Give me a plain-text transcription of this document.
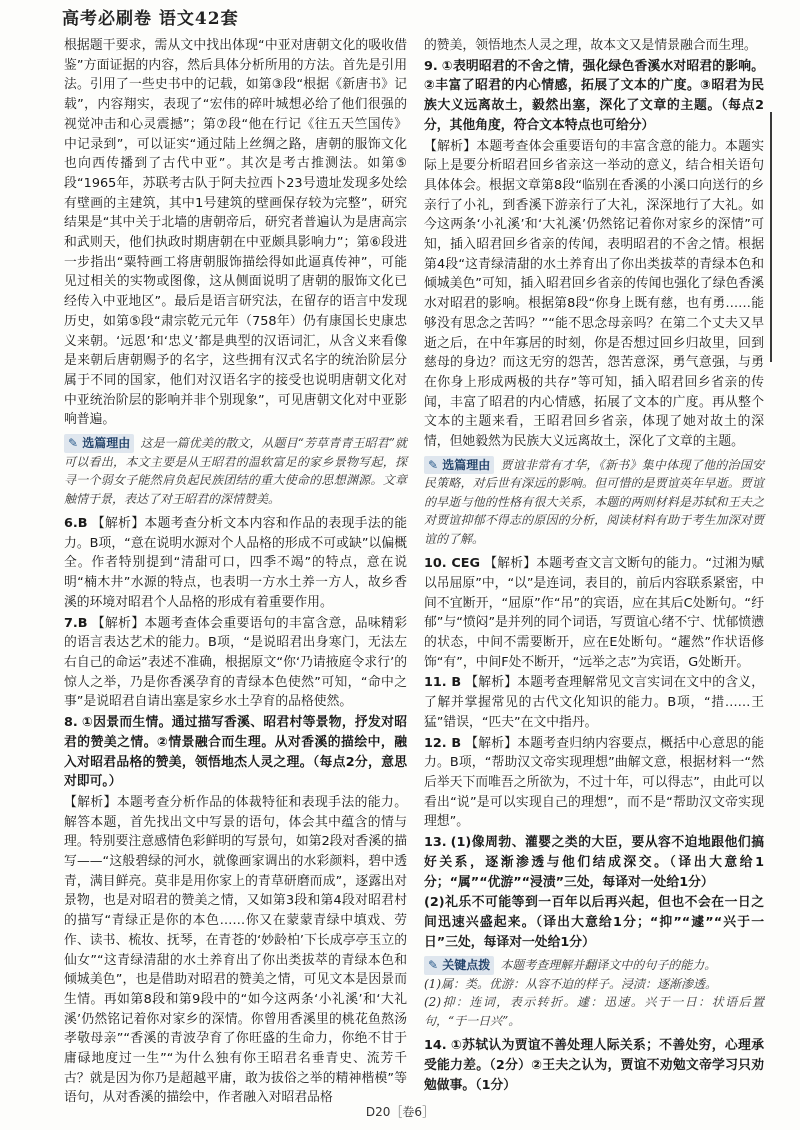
高考必刷卷 语文42套
根据题干要求，需从文中找出体现“中亚对唐朝文化的吸收借鉴”方面证据的内容，然后具体分析所用的方法。首先是引用法。引用了一些史书中的记载，如第③段“根据《新唐书》记载”，内容翔实，表现了“宏伟的碎叶城想必给了他们很强的视觉冲击和心灵震撼”；第⑦段“他在行记《往五天竺国传》中记录到”，可以证实“通过陆上丝绸之路，唐朝的服饰文化也向西传播到了古代中亚”。其次是考古推测法。如第⑤段“1965年，苏联考古队于阿夫拉西卜23号遗址发现多处绘有壁画的主建筑，其中1号建筑的壁画保存较为完整”，研究结果是“其中关于北墙的唐朝帝后，研究者普遍认为是唐高宗和武则天，他们执政时期唐朝在中亚颇具影响力”；第⑥段进一步指出“粟特画工将唐朝服饰描绘得如此逼真传神”，可能见过相关的实物或图像，这从侧面说明了唐朝的服饰文化已经传入中亚地区”。最后是语言研究法，在留存的语言中发现历史，如第⑤段“肃宗乾元元年（758年）仍有康国长史康忠义来朝。‘远恩’和‘忠义’都是典型的汉语词汇，从含义来看像是来朝后唐朝赐予的名字，这些拥有汉式名字的统治阶层分属于不同的国家，他们对汉语名字的接受也说明唐朝文化对中亚统治阶层的影响并非个别现象”，可见唐朝文化对中亚影响普遍。
✎ 选篇理由 这是一篇优美的散文，从题目“芳草青青王昭君”就可以看出，本文主要是从王昭君的温软富足的家乡景物写起，探寻一个弱女子能然肩负起民族团结的重大使命的思想渊源。文章触情于景，表达了对王昭君的深情赞美。
6.B 【解析】本题考查分析文本内容和作品的表现手法的能力。B项，“意在说明水源对个人品格的形成不可或缺”以偏概全。作者特别提到“清甜可口，四季不竭”的特点，意在说明“楠木井”水源的特点，也表明一方水土养一方人，故乡香溪的环境对昭君个人品格的形成有着重要作用。
7.B 【解析】本题考查体会重要语句的丰富含意，品味精彩的语言表达艺术的能力。B项，“是说昭君出身寒门，无法左右自己的命运”表述不准确，根据原文“你‘乃请掖庭令求行’的惊人之举，乃是你香溪孕育的青绿本色使然”可知，“命中之事”是说昭君自请出塞是家乡水土孕育的品格使然。
8. ①因景而生情。通过描写香溪、昭君村等景物，抒发对昭君的赞美之情。②情景融合而生理。从对香溪的描绘中，融入对昭君品格的赞美，领悟地杰人灵之理。（每点2分，意思对即可。）
【解析】本题考查分析作品的体裁特征和表现手法的能力。解答本题，首先找出文中写景的语句，体会其中蕴含的情与理。特别要注意感情色彩鲜明的写景句，如第2段对香溪的描写——“这般碧绿的河水，就像画家调出的水彩颜料，碧中透青，满目鲜亮。莫非是用你家上的青草研磨而成”，逐露出对景物，也是对昭君的赞美之情，又如第3段和第4段对昭君村的描写“青绿正是你的本色……你又在蒙蒙青绿中填戏、劳作、读书、梳妆、抚琴，在青苍的‘妙龄柏’下长成亭亭玉立的仙女”“这青绿清甜的水土养育出了你出类拔萃的青绿本色和倾城美色”，也是借助对昭君的赞美之情，可见文本是因景而生情。再如第8段和第9段中的“如今这两条‘小礼溪’和‘大礼溪’仍然铭记着你对家乡的深情。你曾用香溪里的桃花鱼熬汤孝敬母亲”“香溪的青波孕育了你旺盛的生命力，你绝不甘于庸碌地度过一生”“为什么独有你王昭君名垂青史、流芳千古？就是因为你乃是超越平庸，敢为拔俗之举的精神楷模”等语句，从对香溪的描绘中，作者融入对昭君品格
的赞美，领悟地杰人灵之理，故本文又是情景融合而生理。
9. ①表明昭君的不舍之情，强化绿色香溪水对昭君的影响。②丰富了昭君的内心情感，拓展了文本的广度。③昭君为民族大义远离故土，毅然出塞，深化了文章的主题。（每点2分，其他角度，符合文本特点也可给分）
【解析】本题考查体会重要语句的丰富含意的能力。本题实际上是要分析昭君回乡省亲这一举动的意义，结合相关语句具体体会。根据文章第8段“临别在香溪的小溪口向送行的乡亲行了小礼，到香溪下游亲行了大礼，深深地行了大礼。如今这两条‘小礼溪’和‘大礼溪’仍然铭记着你对家乡的深情”可知，插入昭君回乡省亲的传闻，表明昭君的不舍之情。根据第4段“这青绿清甜的水土养育出了你出类拔萃的青绿本色和倾城美色”可知，插入昭君回乡省亲的传闻也强化了绿色香溪水对昭君的影响。根据第8段“你身上既有慈，也有勇……能够没有思念之苦吗？”“能不思念母亲吗？在第二个丈夫又早逝之后，在中年寡居的时刻，你是否想过回乡归故里，回到慈母的身边？而这无穷的怨苦，怨苦意深，勇气意强，与勇在你身上形成两极的共存”等可知，插入昭君回乡省亲的传闻，丰富了昭君的内心情感，拓展了文本的广度。再从整个文本的主题来看，王昭君回乡省亲，体现了她对故土的深情，但她毅然为民族大义远离故土，深化了文章的主题。
✎ 选篇理由 贾谊非常有才华，《新书》集中体现了他的治国安民策略，对后世有深远的影响。但可惜的是贾谊英年早逝。贾谊的早逝与他的性格有很大关系，本题的两则材料是苏轼和王夫之对贾谊抑郁不得志的原因的分析，阅读材料有助于考生加深对贾谊的了解。
10. CEG 【解析】本题考查文言文断句的能力。“过湘为赋以吊屈原”中，“以”是连词，表目的，前后内容联系紧密，中间不宜断开，“屈原”作“吊”的宾语，应在其后C处断句。“纡郁”与“愤闷”是并列的同个词语，写贾谊心绪不宁、忧郁愤懑的状态，中间不需要断开，应在E处断句。“趯然”作状语修饰“有”，中间F处不断开，“远举之志”为宾语，G处断开。
11. B 【解析】本题考查理解常见文言实词在文中的含义，了解并掌握常见的古代文化知识的能力。B项，“措……王猛”错误，“匹夫”在文中指丹。
12. B 【解析】本题考查归纳内容要点，概括中心意思的能力。B项，“帮助汉文帝实现理想”曲解文意，根据材料一“然后举天下而唯吾之所欲为，不过十年，可以得志”，由此可以看出“说”是可以实现自己的理想”，而不是“帮助汉文帝实现理想”。
13. (1)像周勃、灌婴之类的大臣，要从容不迫地跟他们搞好关系，逐渐渗透与他们结成深交。（译出大意给1分；“属”“优游”“浸渍”三处，每译对一处给1分）
(2)礼乐不可能等到一百年以后再兴起，但也不会在一日之间迅速兴盛起来。（译出大意给1分；“抑”“遽”“兴于一日”三处，每译对一处给1分）
✎ 关键点拨 本题考查理解并翻译文中的句子的能力。
(1)属：类。优游：从容不迫的样子。浸渍：逐渐渗透。
(2)抑：连词，表示转折。遽：迅速。兴于一日：状语后置句，“于一日兴”。
14. ①苏轼认为贾谊不善处理人际关系；不善处穷，心理承受能力差。（2分）②王夫之认为，贾谊不劝勉文帝学习只劝勉做事。（1分）
D20［卷6］
